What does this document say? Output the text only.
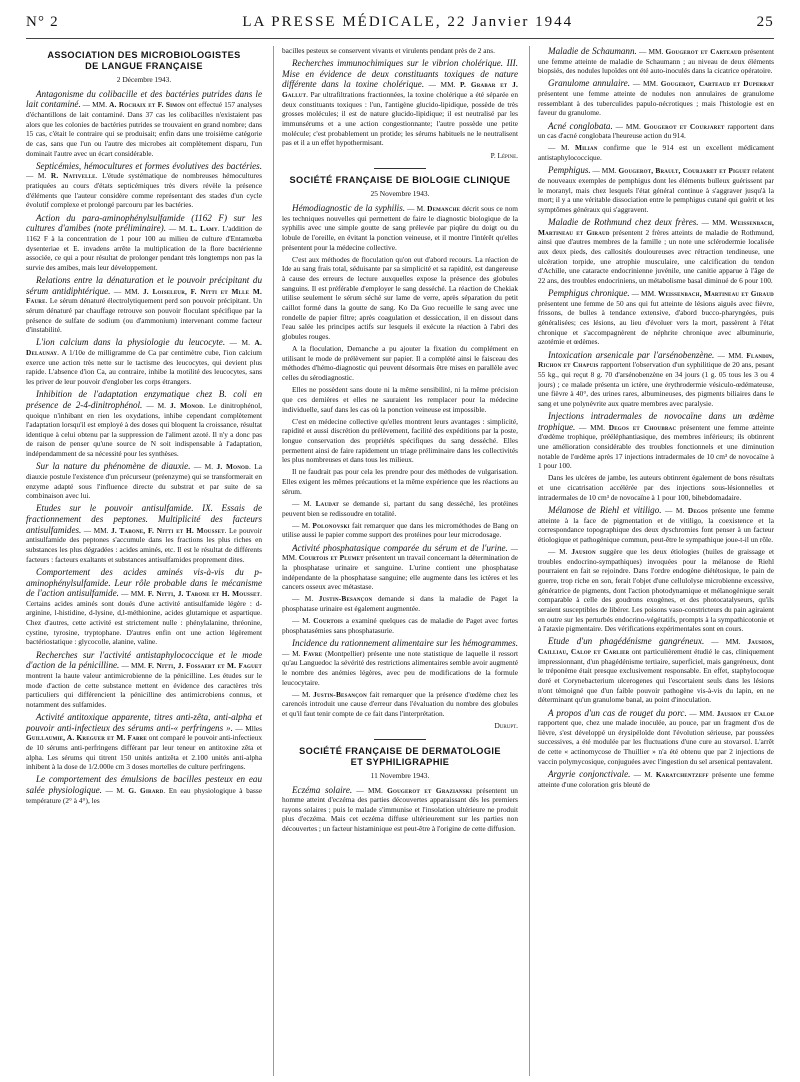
N° 2	LA PRESSE MÉDICALE, 22 Janvier 1944	25
ASSOCIATION DES MICROBIOLOGISTES
DE LANGUE FRANÇAISE
2 Décembre 1943.

Antagonisme du colibacille et des bactéries putrides dans le lait contaminé. — MM. A. Rochaix et F. Simon ont effectué 157 analyses d'échantillons de lait contaminé. Dans 37 cas les colibacilles n'existaient pas alors que les colonies de bactéries putrides se trouvaient en grand nombre; dans 15 cas, c'était le contraire qui se produisait; enfin dans une troisième catégorie de cas, sans que l'un ou l'autre des microbes ait complètement disparu, l'un dominait l'autre avec un écart considérable.

Septicémies, hémocultures et formes évolutives des bactéries. — M. R. Nativelle. L'étude systématique de nombreuses hémocultures pratiquées au cours d'états septicémiques très divers révèle la présence d'éléments que l'auteur considère comme représentant des stades d'un cycle évolutif complexe et prolongé parcouru par les bactéries.

Action du para-aminophénylsulfamide (1162 F) sur les cultures d'amibes (note préliminaire). — M. L. Lamy. L'addition de 1162 F à la concentration de 1 pour 100 au milieu de culture d'Entamœba dysenteriae et E. invadens arrête la multiplication de la flore bactérienne associée, ce qui a pour résultat de prolonger pendant très longtemps non pas la survie des amibes, mais leur développement.

Relations entre la dénaturation et le pouvoir précipitant du sérum antidiphtérique. — MM. J. Loiseleur, F. Nitti et Mlle M. Faure. Le sérum dénaturé électrolytiquement perd son pouvoir précipitant. Un sérum dénaturé par chauffage retrouve son pouvoir floculant spécifique par la présence de sulfate de sodium (ou d'ammonium) intervenant comme facteur d'instabilité.

L'ion calcium dans la physiologie du leucocyte. — M. A. Delaunay. A 1/10e de milligramme de Ca par centimètre cube, l'ion calcium exerce une action très nette sur le tactisme des leucocytes, qui devient plus rapide. L'absence d'ion Ca, au contraire, inhibe la motilité des leucocytes, sans les priver de leur pouvoir d'englober les corps étrangers.

Inhibition de l'adaptation enzymatique chez B. coli en présence de 2-4-dinitrophénol. — M. J. Monod. Le dinitrophénol, quoique n'inhibant en rien les oxydations, inhibe cependant complètement l'adaptation lorsqu'il est employé à des doses qui bloquent la croissance, résultat identique à celui obtenu par la suppression de l'aliment azoté. Il n'y a donc pas de raison de penser qu'une source de N soit indispensable à l'adaptation, indépendamment de sa nécessité pour les synthèses.

Sur la nature du phénomène de diauxie. — M. J. Monod. La diauxie postule l'existence d'un précurseur (préenzyme) qui se transformerait en enzyme adapté sous l'influence directe du substrat et par suite de sa combinaison avec lui.

Etudes sur le pouvoir antisulfamide. IX. Essais de fractionnement des peptones. Multiplicité des facteurs antisulfamides. — MM. J. Tabone, F. Nitti et H. Mousset. Le pouvoir antisulfamide des peptones s'accumule dans les fractions les plus riches en substances les plus dégradées : acides aminés, etc. Il est le résultat de différents facteurs : facteurs exaltants et substances antisulfamides proprement dites.

Comportement des acides aminés vis-à-vis du p-aminophénylsulfamide. Leur rôle probable dans le mécanisme de l'action antisulfamide. — MM. F. Nitti, J. Tabone et H. Mousset. Certains acides aminés sont doués d'une activité antisulfamide légère : d-arginine, l-histidine, d-lysine, d,l-méthionine, acides glutamique et aspartique. Chez d'autres, cette activité est strictement nulle : phénylalanine, thréonine, cystine, tyrosine, tryptophane. D'autres enfin ont une action légèrement bactériostatique : glycocolle, alanine, valine.

Recherches sur l'activité antistaphylococcique et le mode d'action de la pénicilline. — MM. F. Nitti, J. Fossaert et M. Faguet montrent la haute valeur antimicrobienne de la pénicilline. Les études sur le mode d'action de cette substance mettent en évidence des caractères très particuliers qui différencient la pénicilline des antimicrobiens connus, et notamment des sulfamides.

Activité antitoxique apparente, titres anti-zêta, anti-alpha et pouvoir anti-infectieux des sérums anti-« perfringens ». — Mlles Guillaumie, A. Kreguer et M. Fabre ont comparé le pouvoir anti-infectieux de 10 sérums anti-perfringens différant par leur teneur en antitoxine zêta et alpha. Les sérums qui titrent 150 unités antizêta et 2.100 unités anti-alpha inhibent à la dose de 1/2.000e cm 3 doses mortelles de culture perfringens.

Le comportement des émulsions de bacilles pesteux en eau salée physiologique. — M. G. Girard. En eau physiologique à basse température (2° à 4°), les

bacilles pesteux se conservent vivants et virulents pendant près de 2 ans.

Recherches immunochimiques sur le vibrion cholérique. III. Mise en évidence de deux constituants toxiques de nature différente dans la toxine cholérique. — MM. P. Grabar et J. Gallut. Par ultrafiltrations fractionnées, la toxine cholérique a été séparée en deux constituants toxiques : l'un, l'antigène glucido-lipidique, possède de très grosses molécules; il est de nature glucido-lipidique; il est neutralisé par les immunsérums et a une action congestionnante; l'autre possède une petite molécule; c'est probablement un protide; les sérums habituels ne le neutralisent pas et il a un effet hypothermisant.

P. Lépine.
SOCIÉTÉ FRANÇAISE DE BIOLOGIE CLINIQUE
25 Novembre 1943.

Hémodiagnostic de la syphilis. — M. Demanche décrit sous ce nom les techniques nouvelles qui permettent de faire le diagnostic biologique de la syphilis avec une simple goutte de sang prélevée par piqûre du doigt ou du lobule de l'oreille, en évitant la ponction veineuse, et il montre l'intérêt qu'elles présentent pour la médecine collective.

C'est aux méthodes de floculation qu'on eut d'abord recours. La réaction de Ide au sang frais total, séduisante par sa simplicité et sa rapidité, est dangereuse à cause des erreurs de lecture auxquelles expose la présence des globules sanguins. Il est préférable d'employer le sang desséché. La réaction de Chekiak utilise seulement le sérum séché sur lame de verre, après séparation du petit caillot formé dans la goutte de sang. Ko Da Guo recueille le sang avec une rondelle de papier filtre; après coagulation et dessiccation, il en dissout dans l'eau salée les principes actifs sur lesquels il exécute la réaction à l'abri des globules rouges.

A la floculation, Demanche a pu ajouter la fixation du complément en utilisant le mode de prélèvement sur papier. Il a complété ainsi le faisceau des méthodes d'hémo-diagnostic qui peuvent désormais être mises en parallèle avec celles du sérodiagnostic.

Elles ne possèdent sans doute ni la même sensibilité, ni la même précision que ces dernières et elles ne sauraient les remplacer pour la médecine individuelle, sauf dans les cas où la ponction veineuse est impossible.

C'est en médecine collective qu'elles montrent leurs avantages : simplicité, rapidité et aussi discrétion du prélèvement, facilité des expéditions par la poste, longue conservation des propriétés spécifiques du sang desséché. Elles permettent ainsi de faire rapidement un triage préliminaire dans les collectivités les plus nombreuses et dans tous les milieux.

Il ne faudrait pas pour cela les prendre pour des méthodes de vulgarisation. Elles exigent les mêmes précautions et la même expérience que les réactions au sérum.

— M. Laudat se demande si, partant du sang desséché, les protéines peuvent bien se redissoudre en totalité.

— M. Polonovski fait remarquer que dans les microméthodes de Bang on utilise aussi le papier comme support des protéines pour leur microdosage.

Activité phosphatasique comparée du sérum et de l'urine. — MM. Courtois et Plumet présentent un travail concernant la détermination de la phosphatase urinaire et sanguine. L'urine contient une phosphatase indépendante de la phosphatase sanguine; elle augmente dans les ictères et les cancers osseux avec métastase.

— M. Justin-Besançon demande si dans la maladie de Paget la phosphatase urinaire est également augmentée.

— M. Courtois a examiné quelques cas de maladie de Paget avec fortes phosphatasémies sans phosphatasurie.

Incidence du rationnement alimentaire sur les hémogrammes. — M. Favre (Montpellier) présente une note statistique de laquelle il ressort qu'au Languedoc la sévérité des restrictions alimentaires semble avoir augmenté le nombre des anémies légères, avec peu de modifications de la formule leucocytaire.

— M. Justin-Besançon fait remarquer que la présence d'œdème chez les carencés introduit une cause d'erreur dans l'évaluation du nombre des globules et qu'il faut tenir compte de ce fait dans l'interprétation.

Durupt.
SOCIÉTÉ FRANÇAISE DE DERMATOLOGIE
ET SYPHILIGRAPHIE
11 Novembre 1943.

Eczéma solaire. — MM. Gougerot et Grazianski présentent un homme atteint d'eczéma des parties découvertes apparaissant dès les premiers rayons solaires ; puis le malade s'immunise et l'insolation ultérieure ne produit plus d'eczéma. Mais cet eczéma diffuse ultérieurement sur les parties non découvertes ; un facteur histaminique est peut-être à l'origine de cette diffusion.

Maladie de Schaumann. — MM. Gougerot et Carteaud présentent une femme atteinte de maladie de Schaumann ; au niveau de deux éléments biopsiés, des nodules lupoïdes ont été auto-inoculés dans la cicatrice opératoire.

Granulome annulaire. — MM. Gougerot, Carteaud et Duperrat présentent une femme atteinte de nodules non annulaires de granulome ressemblant à des tuberculides papulo-nécrotiques ; mais l'histologie est en faveur du granulome.

Acné conglobata. — MM. Gougerot et Courjaret rapportent dans un cas d'acné conglobata l'heureuse action du 914.

— M. Milian confirme que le 914 est un excellent médicament antistaphylococcique.

Pemphigus. — MM. Gougerot, Brault, Courjaret et Piguet relatent de nouveaux exemples de pemphigus dont les éléments bulleux guérissent par le moranyl, mais chez lesquels l'état général continue à s'aggraver jusqu'à la mort; il y a une véritable dissociation entre le pemphigus cutané qui guérit et les symptômes généraux qui s'aggravent.

Maladie de Rothmund chez deux frères. — MM. Weissenbach, Martineau et Giraud présentent 2 frères atteints de maladie de Rothmund, ainsi que d'autres membres de la famille ; un note une sclérodermie localisée aux deux pieds, des callosités douloureuses avec rétraction tendineuse, une ulcération torpide, une atrophie musculaire, une calcification du tendon d'Achille, une cataracte endocrinienne juvénile, une canitie apparue à l'âge de 22 ans, des troubles endocriniens, un métabolisme basal diminué de 6 pour 100.

Pemphigus chronique. — MM. Weissenbach, Martineau et Giraud présentent une femme de 50 ans qui fut atteinte de lésions aiguës avec fièvre, frissons, de bulles à tendance extensive, d'abord bucco-pharyngées, puis généralisées; ces lésions, au lieu d'évoluer vers la mort, passèrent à l'état chronique et s'accompagnèrent de néphrite chronique avec albuminurie, azotémie et œdèmes.

Intoxication arsenicale par l'arsénobenzène. — MM. Flandin, Richon et Chapuis rapportent l'observation d'un syphilitique de 20 ans, pesant 55 kg., qui reçut 8 g. 70 d'arsénobenzène en 34 jours (1 g. 05 tous les 3 ou 4 jours) ; ce malade présenta un ictère, une érythrodermie vésiculo-œdémateuse, une fièvre à 40°, des urines rares, albumineuses, des pigments biliaires dans le sang et une polynévrite aux quatre membres avec paralysie.

Injections intradermales de novocaïne dans un œdème trophique. — MM. Degos et Choubrac présentent une femme atteinte d'œdème trophique, prééléphantiasique, des membres inférieurs; ils obtinrent une amélioration considérable des troubles fonctionnels et une diminution notable de l'œdème après 17 injections intradermales de 10 cm³ de novocaïne à 1 pour 100.

Dans les ulcères de jambe, les auteurs obtinrent également de bons résultats et une cicatrisation accélérée par des injections sous-lésionnelles et intradermales de 10 cm³ de novocaïne à 1 pour 100, bihebdomadaire.

Mélanose de Riehl et vitiligo. — M. Degos présente une femme atteinte à la face de pigmentation et de vitiligo, la coexistence et la correspondance topographique des deux dyschromies font penser à un facteur étiologique et pathogénique commun, peut-être le sympathique joue-t-il un rôle.

— M. Jausion suggère que les deux étiologies (huiles de graissage et troubles endocrino-sympathiques) invoquées pour la mélanose de Riehl pourraient en fait se rejoindre. Dans l'ordre endogène diététosique, le pain de guerre, trop riche en son, ferait l'objet d'une cellulolyse microbienne excessive, génératrice de pigments, dont l'action photodynamique et mélanogénique serait comparable à celle des goudrons exogènes, et des photocatalyseurs, qu'ils seraient susceptibles de libérer. Les poisons vaso-constricteurs du pain agiraient en outre sur les perturbés endocrino-végétatifs, prompts à la sympathicotonie et à l'ataxie pigmentaire. Des vérifications expérimentales sont en cours.

Etude d'un phagédénisme gangréneux. — MM. Jausion, Cailliau, Calop et Carlier ont particulièrement étudié le cas, cliniquement impressionnant, d'un phagédénisme tertiaire, superficiel, mais gangréneux, dont le tréponème était presque exclusivement responsable. En effet, staphylocoque doré et Corynebacterium ulcerogenes qui l'escortaient seuls dans les lésions n'ont témoigné que d'un faible pouvoir pathogène vis-à-vis du lapin, en ne déterminant qu'un granulome banal, au point d'inoculation.

A propos d'un cas de rouget du porc. — MM. Jausion et Calop rapportent que, chez une malade inoculée, au pouce, par un fragment d'os de lièvre, s'est développé un érysipéloïde dont l'évolution sérieuse, par poussées successives, a été modulée par les fluctuations d'une cure au stovarsol. L'arrêt de cette « actinomycose de Thuillier » n'a été obtenu que par 2 injections de vaccin polymycosique, conjuguées avec l'ingestion du sel arsenical pentavalent.

Argyrie conjonctivale. — M. Karatchentzeff présente une femme atteinte d'une coloration gris bleuté de
